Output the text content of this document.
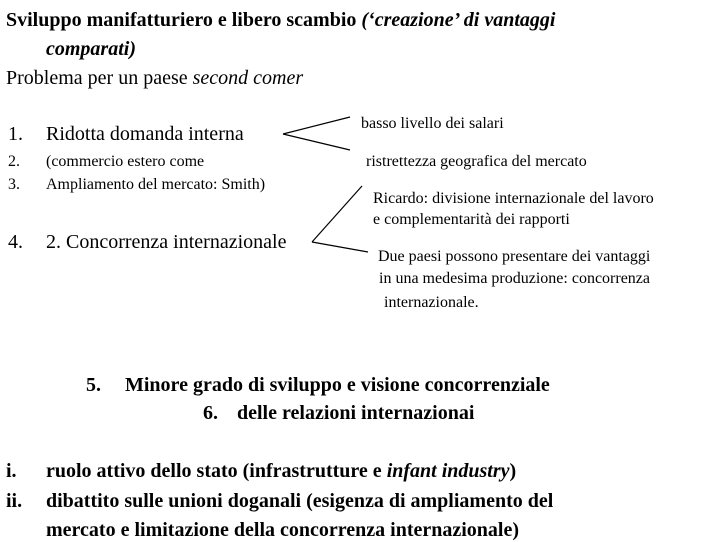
Sviluppo manifatturiero e libero scambio (‘creazione’ di vantaggi
comparati)
Problema per un paese second comer
1. Ridotta domanda interna
2. (commercio estero come
3. Ampliamento del mercato: Smith)
4. 2. Concorrenza internazionale
basso livello dei salari
ristrettezza geografica del mercato
Ricardo: divisione internazionale del lavoro
e complementarità dei rapporti
Due paesi possono presentare dei vantaggi
in una medesima produzione: concorrenza
internazionale.
5. Minore grado di sviluppo e visione concorrenziale
6. delle relazioni internazionai
i. ruolo attivo dello stato (infrastrutture e infant industry)
ii. dibattito sulle unioni doganali (esigenza di ampliamento del
mercato e limitazione della concorrenza internazionale)
